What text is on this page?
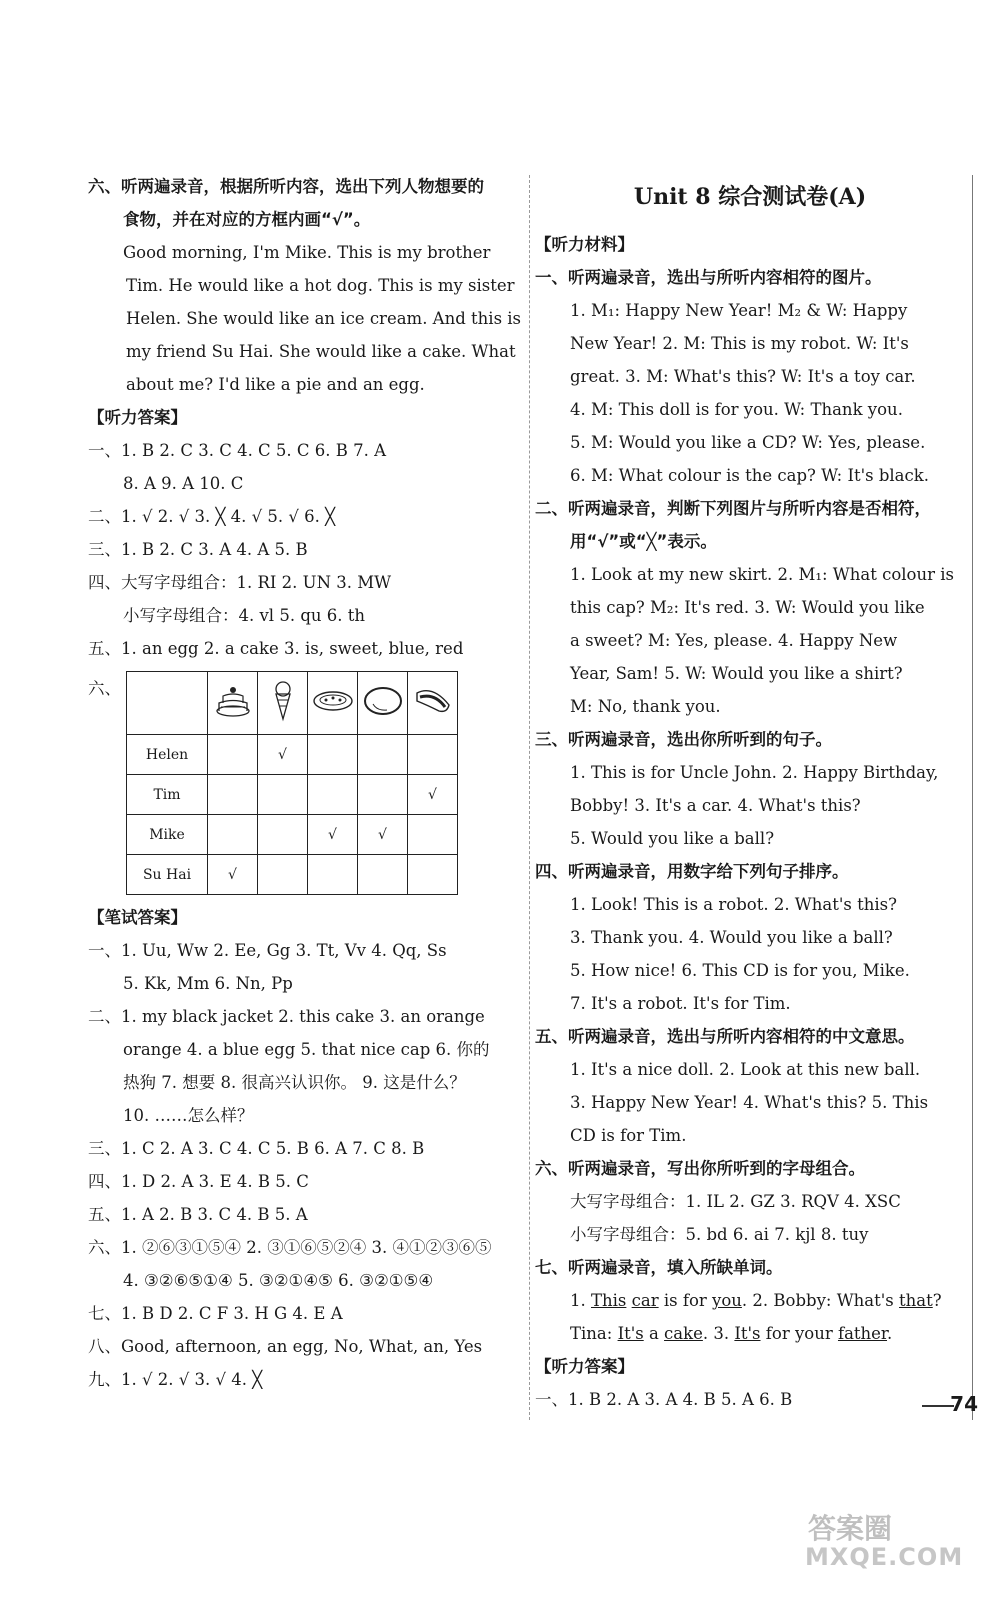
六、听两遍录音，根据所听内容，选出下列人物想要的
食物，并在对应的方框内画“√”。
Good morning, I'm Mike. This is my brother
Tim. He would like a hot dog. This is my sister
Helen. She would like an ice cream. And this is
my friend Su Hai. She would like a cake. What
about me? I'd like a pie and an egg.
【听力答案】
一、1. B 2. C 3. C 4. C 5. C 6. B 7. A
8. A 9. A 10. C
二、1. √ 2. √ 3. ╳ 4. √ 5. √ 6. ╳
三、1. B 2. C 3. A 4. A 5. B
四、大写字母组合：1. RI 2. UN 3. MW
小写字母组合：4. vl 5. qu 6. th
五、1. an egg 2. a cake 3. is, sweet, blue, red
六、

Helen		√			
Tim					√
Mike			√	√	
Su Hai	√				
【笔试答案】
一、1. Uu, Ww 2. Ee, Gg 3. Tt, Vv 4. Qq, Ss
5. Kk, Mm 6. Nn, Pp
二、1. my black jacket 2. this cake 3. an orange
orange 4. a blue egg 5. that nice cap 6. 你的
热狗 7. 想要 8. 很高兴认识你。 9. 这是什么？
10. ……怎么样？
三、1. C 2. A 3. C 4. C 5. B 6. A 7. C 8. B
四、1. D 2. A 3. E 4. B 5. C
五、1. A 2. B 3. C 4. B 5. A
六、1. ②⑥③①⑤④ 2. ③①⑥⑤②④ 3. ④①②③⑥⑤
4. ③②⑥⑤①④ 5. ③②①④⑤ 6. ③②①⑤④
七、1. B D 2. C F 3. H G 4. E A
八、Good, afternoon, an egg, No, What, an, Yes
九、1. √ 2. √ 3. √ 4. ╳
Unit 8 综合测试卷(A)
【听力材料】
一、听两遍录音，选出与所听内容相符的图片。
1. M₁: Happy New Year! M₂ & W: Happy
New Year! 2. M: This is my robot. W: It's
great. 3. M: What's this? W: It's a toy car.
4. M: This doll is for you. W: Thank you.
5. M: Would you like a CD? W: Yes, please.
6. M: What colour is the cap? W: It's black.
二、听两遍录音，判断下列图片与所听内容是否相符，
用“√”或“╳”表示。
1. Look at my new skirt. 2. M₁: What colour is
this cap? M₂: It's red. 3. W: Would you like
a sweet? M: Yes, please. 4. Happy New
Year, Sam! 5. W: Would you like a shirt?
M: No, thank you.
三、听两遍录音，选出你所听到的句子。
1. This is for Uncle John. 2. Happy Birthday,
Bobby! 3. It's a car. 4. What's this?
5. Would you like a ball?
四、听两遍录音，用数字给下列句子排序。
1. Look! This is a robot. 2. What's this?
3. Thank you. 4. Would you like a ball?
5. How nice! 6. This CD is for you, Mike.
7. It's a robot. It's for Tim.
五、听两遍录音，选出与所听内容相符的中文意思。
1. It's a nice doll. 2. Look at this new ball.
3. Happy New Year! 4. What's this? 5. This
CD is for Tim.
六、听两遍录音，写出你所听到的字母组合。
大写字母组合：1. IL 2. GZ 3. RQV 4. XSC
小写字母组合：5. bd 6. ai 7. kjl 8. tuy
七、听两遍录音，填入所缺单词。
1. This car is for you. 2. Bobby: What's that?
Tina: It's a cake. 3. It's for your father.
【听力答案】
一、1. B 2. A 3. A 4. B 5. A 6. B	74
答案圈
MXQE.COM
